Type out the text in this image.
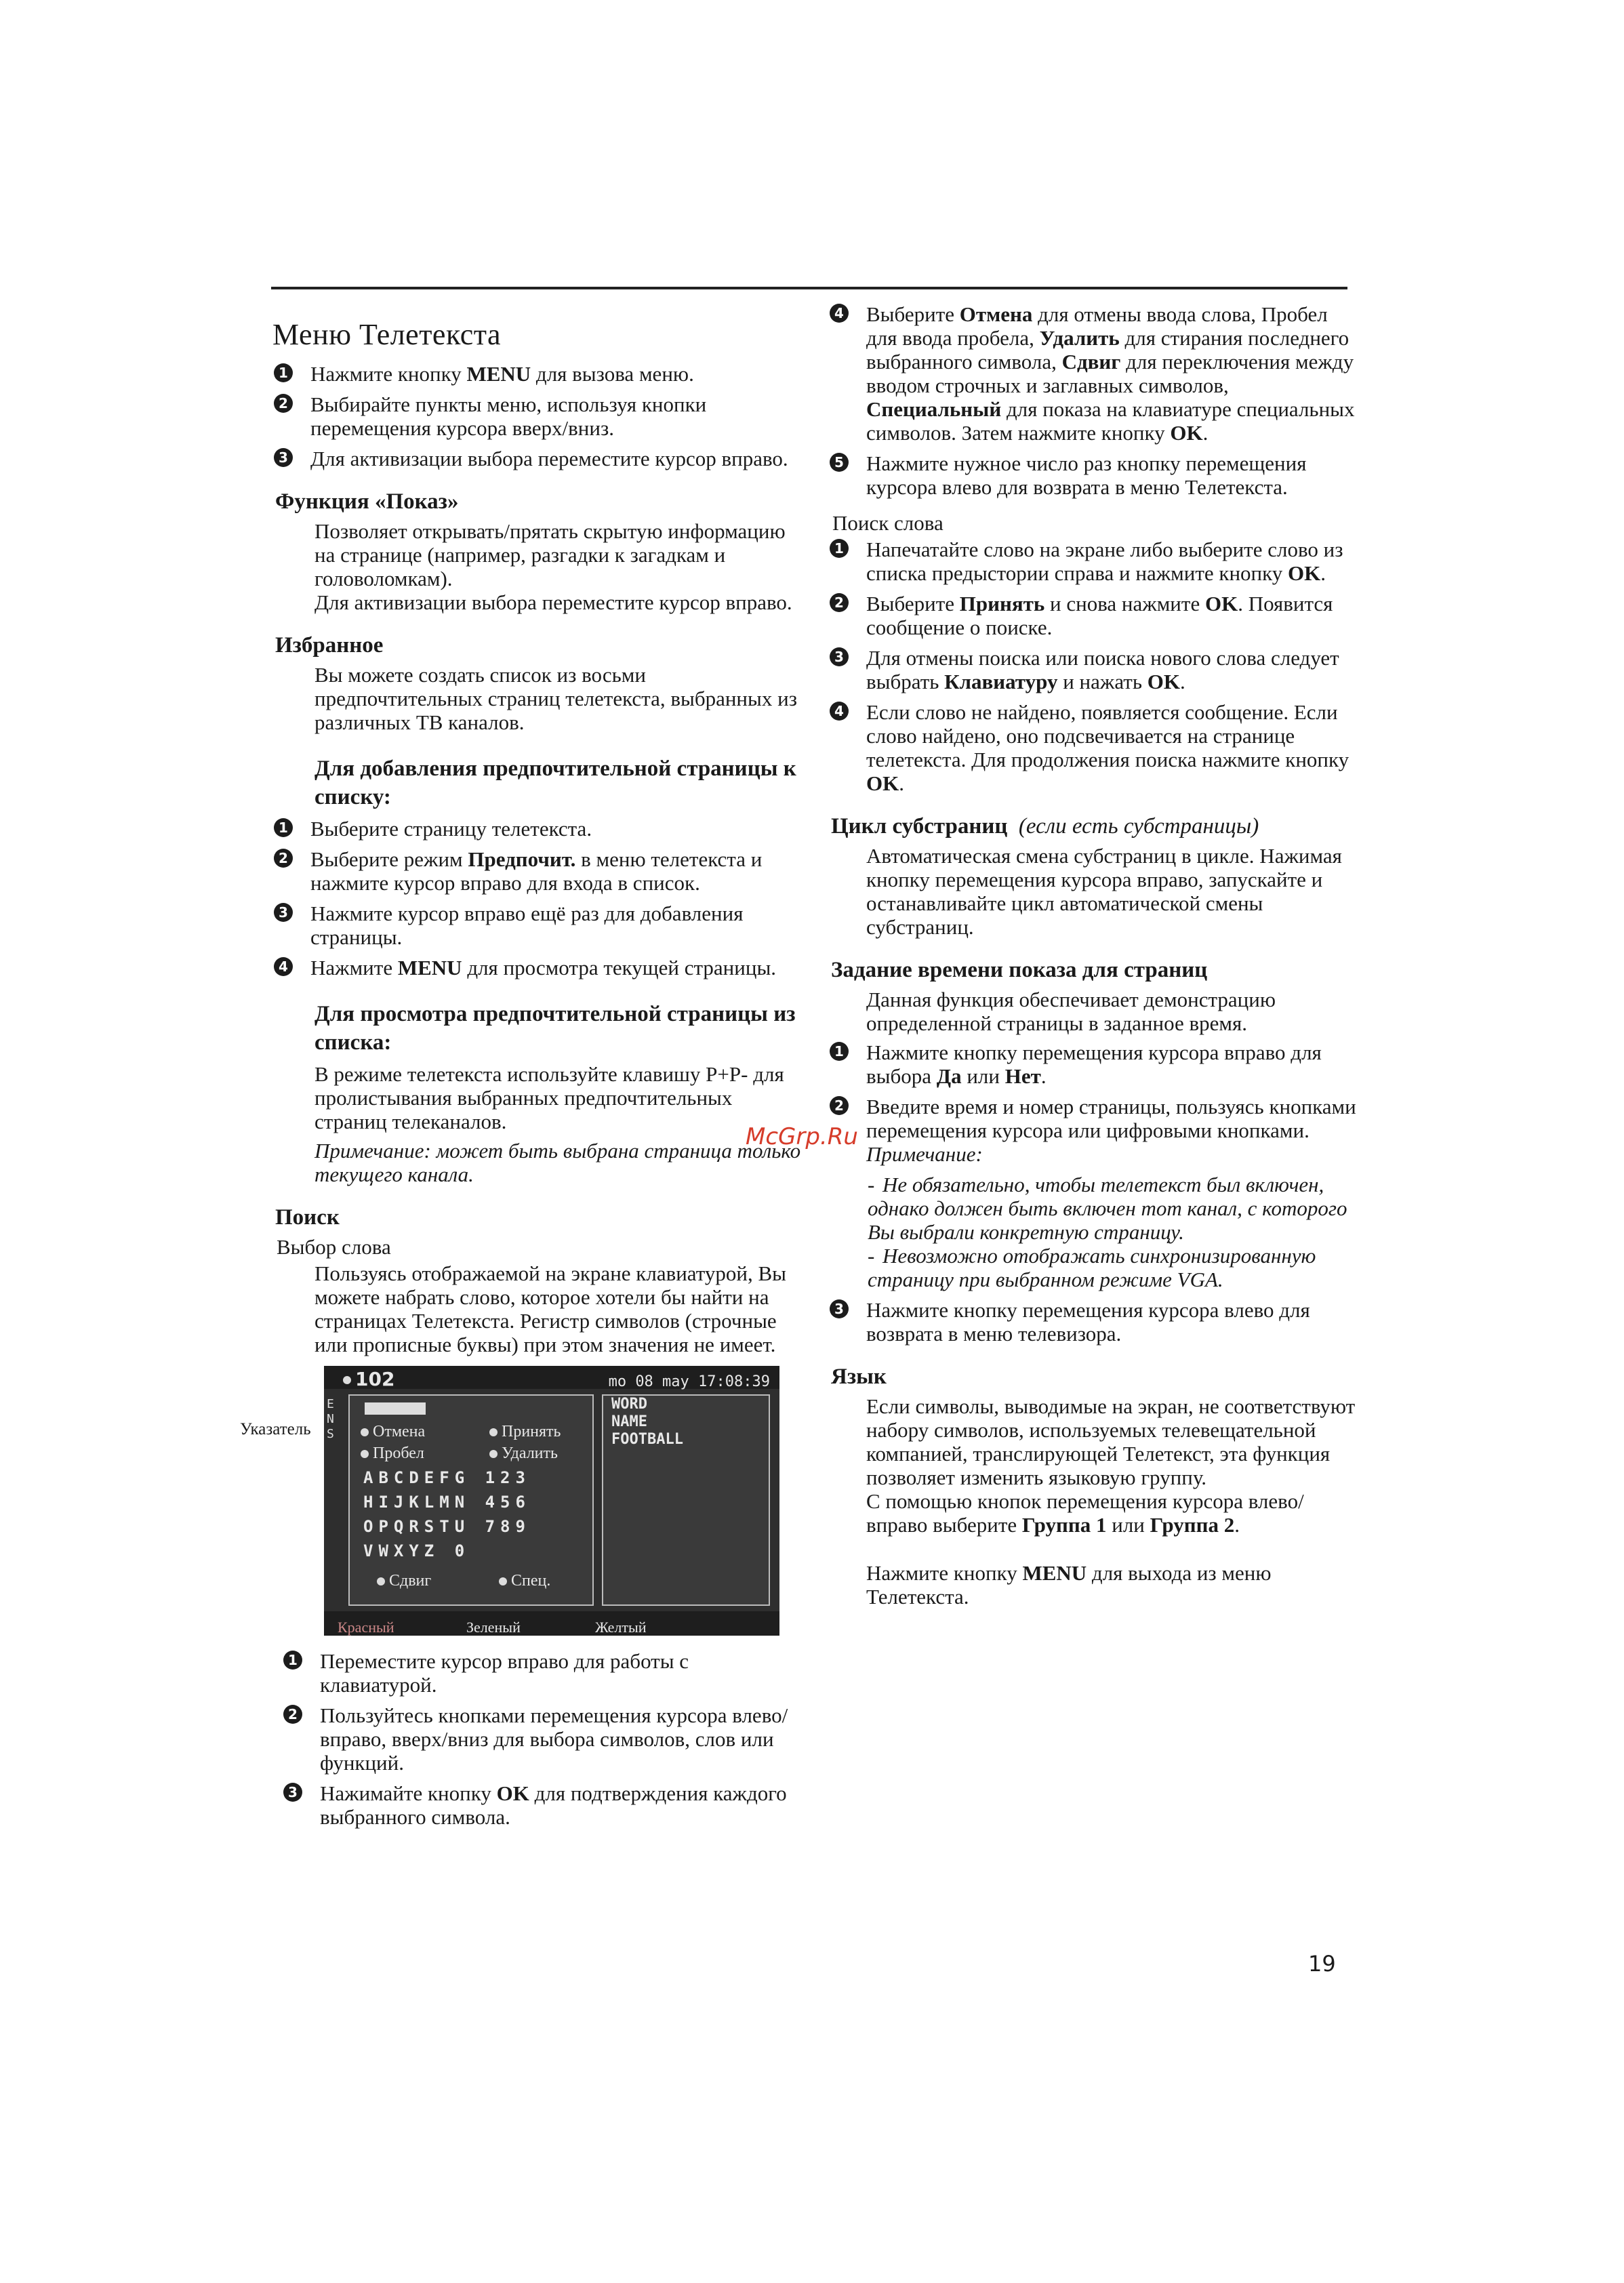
Меню Телетекста
1 Нажмите кнопку MENU для вызова меню.
2 Выбирайте пункты меню, используя кнопки перемещения курсора вверх/вниз.
3 Для активизации выбора переместите курсор вправо.
Функция «Показ»

Позволяет открывать/прятать скрытую информацию на странице (например, разгадки к загадкам и головоломкам).

Для активизации выбора переместите курсор вправо.

Избранное

Вы можете создать список из восьми предпочтительных страниц телетекста, выбранных из различных ТВ каналов.

Для добавления предпочтительной страницы к списку:
1 Выберите страницу телетекста.
2 Выберите режим Предпочит. в меню телетекста и нажмите курсор вправо для входа в список.
3 Нажмите курсор вправо ещё раз для добавления страницы.
4 Нажмите MENU для просмотра текущей страницы.
Для просмотра предпочтительной страницы из списка:

В режиме телетекста используйте клавишу P+P- для пролистывания выбранных предпочтительных страниц телеканалов.

Примечание: может быть выбрана страница только текущего канала.

Поиск

Выбор слова

Пользуясь отображаемой на экране клавиатурой, Вы можете набрать слово, которое хотели бы найти на страницах Телетекста. Регистр символов (строчные или прописные буквы) при этом значения не имеет.

Указатель
102	mo 08 may 17:08:39
E
N
S	Отмена	Принять
Пробел	Удалить
ABCDEFG 123
HIJKLMN 456
OPQRSTU 789
VWXYZ 0
Сдвиг	Спец.
WORD
NAME
FOOTBALL
Красный	Зеленый	Желтый
1 Переместите курсор вправо для работы с клавиатурой.
2 Пользуйтесь кнопками перемещения курсора влево/вправо, вверх/вниз для выбора символов, слов или функций.
3 Нажимайте кнопку OK для подтверждения каждого выбранного символа.
4 Выберите Отмена для отмены ввода слова, Пробел для ввода пробела, Удалить для стирания последнего выбранного символа, Сдвиг для переключения между вводом строчных и заглавных символов, Специальный для показа на клавиатуре специальных символов. Затем нажмите кнопку OK.
5 Нажмите нужное число раз кнопку перемещения курсора влево для возврата в меню Телетекста.

Поиск слова

1 Напечатайте слово на экране либо выберите слово из списка предыстории справа и нажмите кнопку OK.
2 Выберите Принять и снова нажмите OK. Появится сообщение о поиске.
3 Для отмены поиска или поиска нового слова следует выбрать Клавиатуру и нажать OK.
4 Если слово не найдено, появляется сообщение. Если слово найдено, оно подсвечивается на странице телетекста. Для продолжения поиска нажмите кнопку OK.
Цикл субстраниц (если есть субстраницы)

Автоматическая смена субстраниц в цикле. Нажимая кнопку перемещения курсора вправо, запускайте и останавливайте цикл автоматической смены субстраниц.

Задание времени показа для страниц

Данная функция обеспечивает демонстрацию определенной страницы в заданное время.

1 Нажмите кнопку перемещения курсора вправо для выбора Да или Нет.
2 Введите время и номер страницы, пользуясь кнопками перемещения курсора или цифровыми кнопками.
Примечание:

- Не обязательно, чтобы телетекст был включен, однако должен быть включен тот канал, с которого Вы выбрали конкретную страницу.

- Невозможно отображать синхронизированную страницу при выбранном режиме VGA.

3 Нажмите кнопку перемещения курсора влево для возврата в меню телевизора.
Язык

Если символы, выводимые на экран, не соответствуют набору символов, используемых телевещательной компанией, транслирующей Телетекст, эта функция позволяет изменить языковую группу.

С помощью кнопок перемещения курсора влево/вправо выберите Группа 1 или Группа 2.

Нажмите кнопку MENU для выхода из меню Телетекста.

McGrp.Ru
19
